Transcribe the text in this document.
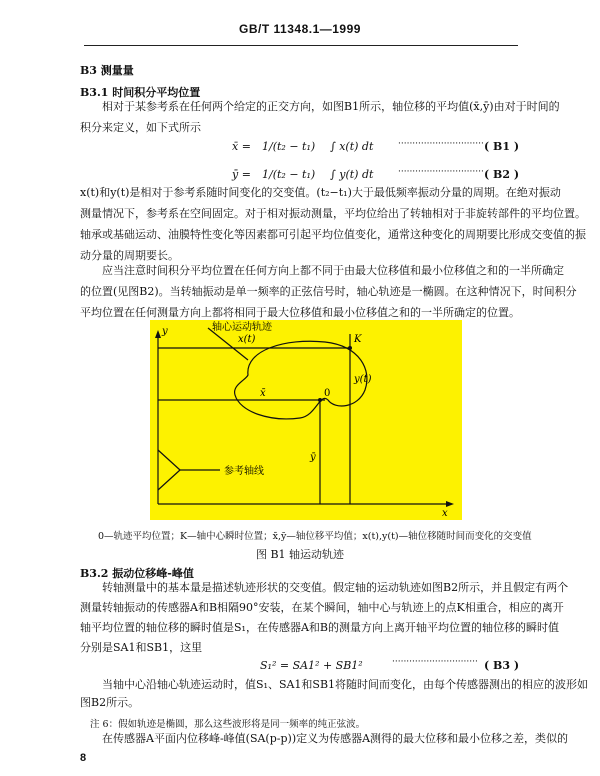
GB/T 11348.1—1999
B3 测量量
B3.1 时间积分平均位置
相对于某参考系在任何两个给定的正交方向，如图B1所示，轴位移的平均值(x̄,ȳ)由对于时间的
积分来定义，如下式所示
x̄ = 1/(t₂ − t₁) ∫ x(t) dt	······························ ( B1 )
ȳ = 1/(t₂ − t₁) ∫ y(t) dt	······························ ( B2 )
x(t)和y(t)是相对于参考系随时间变化的交变值。(t₂−t₁)大于最低频率振动分量的周期。在绝对振动
测量情况下，参考系在空间固定。对于相对振动测量，平均位给出了转轴相对于非旋转部件的平均位置。
轴承或基础运动、油膜特性变化等因素都可引起平均位值变化，通常这种变化的周期要比形成交变值的振
动分量的周期要长。
应当注意时间积分平均位置在任何方向上都不同于由最大位移值和最小位移值之和的一半所确定
的位置(见图B2)。当转轴振动是单一频率的正弦信号时，轴心轨迹是一椭圆。在这种情况下，时间积分
平均位置在任何测量方向上都将相同于最大位移值和最小位移值之和的一半所确定的位置。
轴心运动轨迹
参考轴线
x(t)
y(t)
K
0
x̄
ȳ
x
y
0—轨迹平均位置；K—轴中心瞬时位置；x̄,ȳ—轴位移平均值；x(t),y(t)—轴位移随时间而变化的交变值
图 B1 轴运动轨迹
B3.2 振动位移峰-峰值
转轴测量中的基本量是描述轨迹形状的交变值。假定轴的运动轨迹如图B2所示，并且假定有两个
测量转轴振动的传感器A和B相隔90°安装，在某个瞬间，轴中心与轨迹上的点K相重合，相应的离开
轴平均位置的轴位移的瞬时值是S₁，在传感器A和B的测量方向上离开轴平均位置的轴位移的瞬时值
分别是SA1和SB1，这里
S₁² = SA1² + SB1²	······························ ( B3 )
当轴中心沿轴心轨迹运动时，值S₁、SA1和SB1将随时间而变化，由每个传感器测出的相应的波形如
图B2所示。
注 6：假如轨迹是椭圆，那么这些波形将是同一频率的纯正弦波。
在传感器A平面内位移峰-峰值(SA(p-p))定义为传感器A测得的最大位移和最小位移之差，类似的
8
